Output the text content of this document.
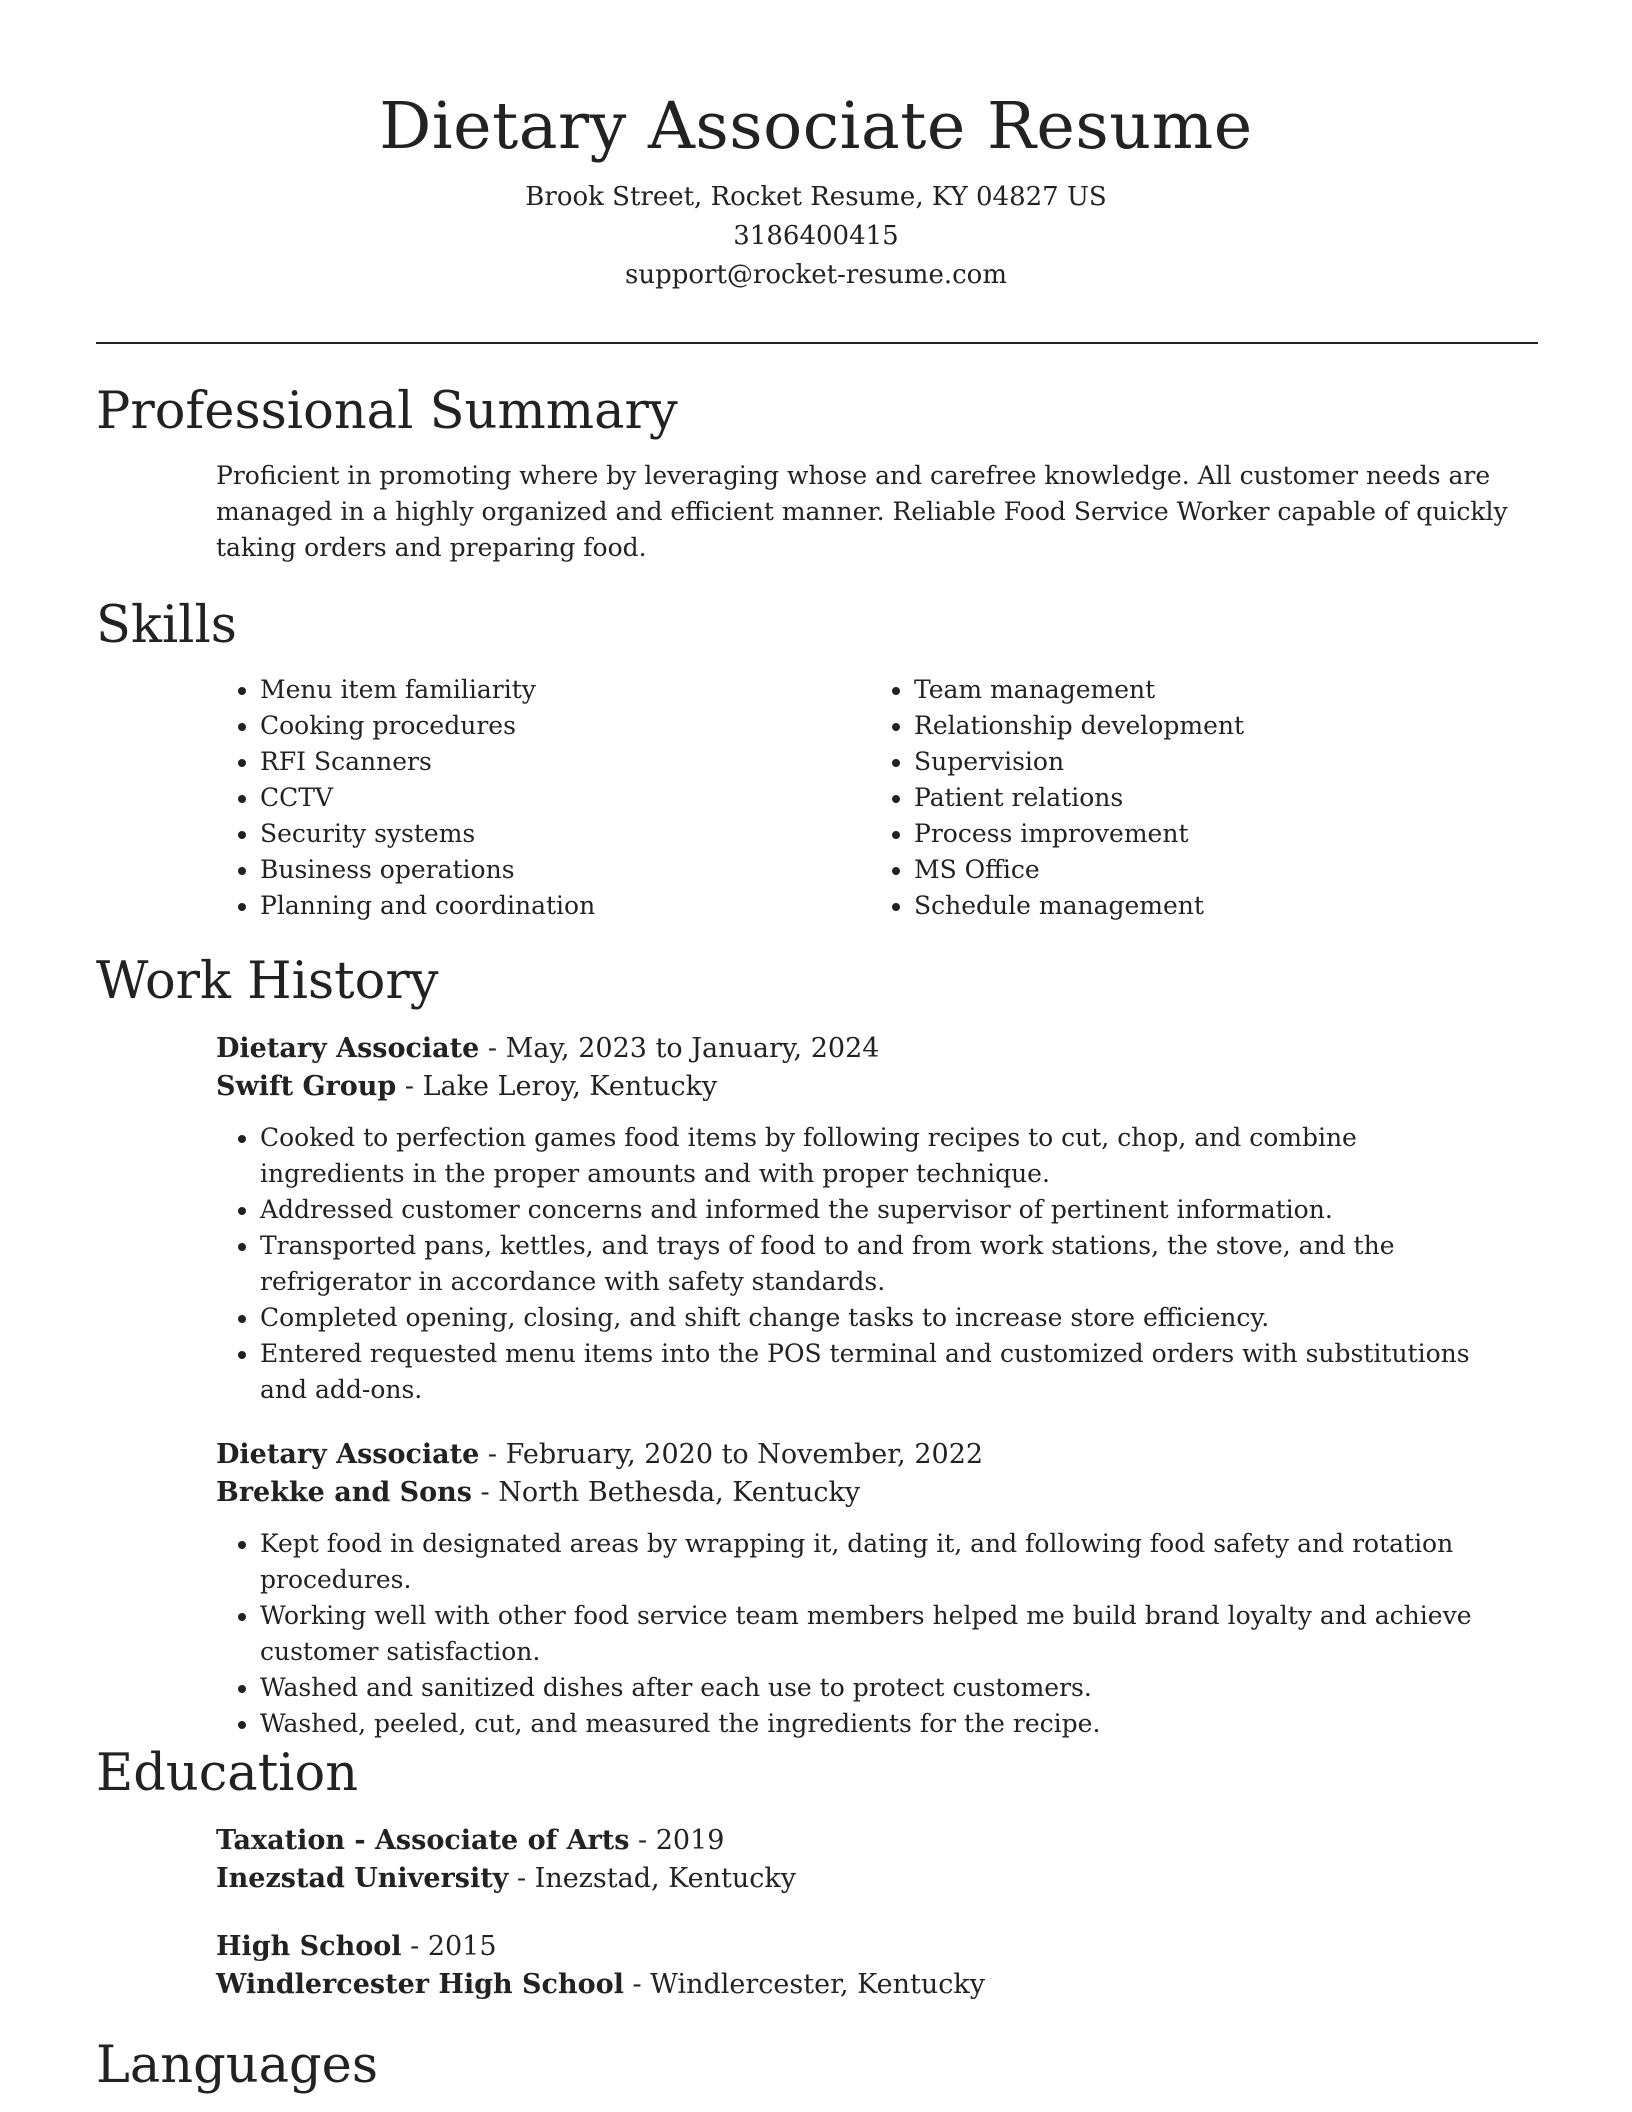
Dietary Associate Resume
Brook Street, Rocket Resume, KY 04827 US
3186400415
support@rocket-resume.com
Professional Summary
Proficient in promoting where by leveraging whose and carefree knowledge. All customer needs are managed in a highly organized and efficient manner. Reliable Food Service Worker capable of quickly taking orders and preparing food.
Skills
• Menu item familiarity
• Cooking procedures
• RFI Scanners
• CCTV
• Security systems
• Business operations
• Planning and coordination
• Team management
• Relationship development
• Supervision
• Patient relations
• Process improvement
• MS Office
• Schedule management
Work History
Dietary Associate - May, 2023 to January, 2024
Swift Group - Lake Leroy, Kentucky
• Cooked to perfection games food items by following recipes to cut, chop, and combine ingredients in the proper amounts and with proper technique.
• Addressed customer concerns and informed the supervisor of pertinent information.
• Transported pans, kettles, and trays of food to and from work stations, the stove, and the refrigerator in accordance with safety standards.
• Completed opening, closing, and shift change tasks to increase store efficiency.
• Entered requested menu items into the POS terminal and customized orders with substitutions and add-ons.
Dietary Associate - February, 2020 to November, 2022
Brekke and Sons - North Bethesda, Kentucky
• Kept food in designated areas by wrapping it, dating it, and following food safety and rotation procedures.
• Working well with other food service team members helped me build brand loyalty and achieve customer satisfaction.
• Washed and sanitized dishes after each use to protect customers.
• Washed, peeled, cut, and measured the ingredients for the recipe.
Education
Taxation - Associate of Arts - 2019
Inezstad University - Inezstad, Kentucky
High School - 2015
Windlercester High School - Windlercester, Kentucky
Languages
